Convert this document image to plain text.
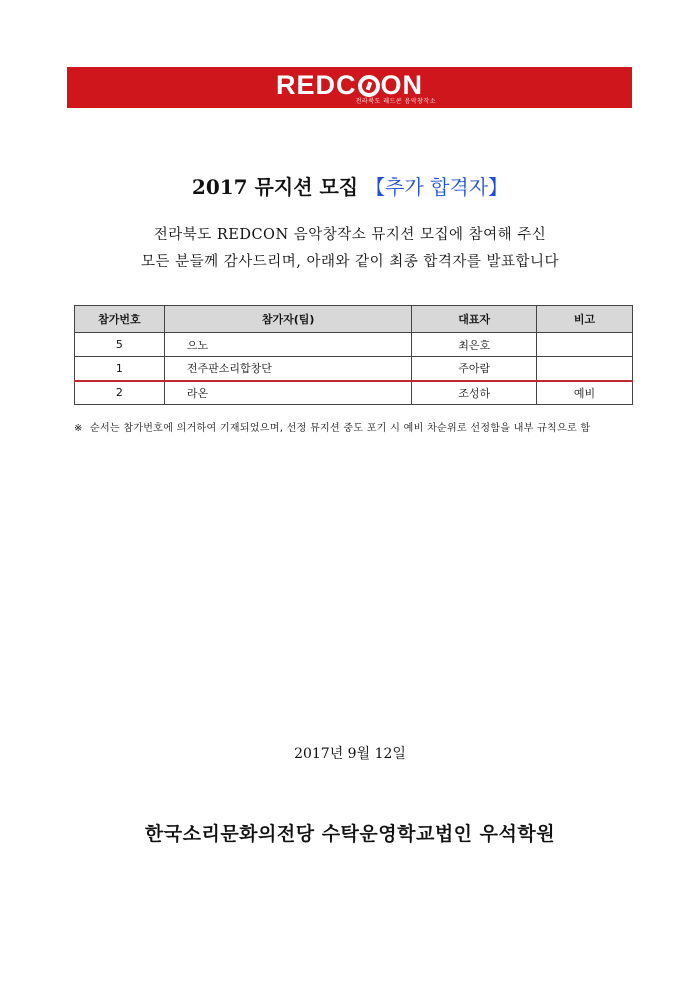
REDC ON
전라북도 레드콘 음악창작소
2017 뮤지션 모집 【추가 합격자】
전라북도 REDCON 음악창작소 뮤지션 모집에 참여해 주신
모든 분들께 감사드리며, 아래와 같이 최종 합격자를 발표합니다
참가번호	참가자(팀)	대표자	비고
5	으노	최은호	
1	전주판소리합창단	주아람	
2	라온	조성하	예비
※ 순서는 참가번호에 의거하여 기재되었으며, 선정 뮤지션 중도 포기 시 예비 차순위로 선정함을 내부 규칙으로 함
2017년 9월 12일
한국소리문화의전당 수탁운영학교법인 우석학원
